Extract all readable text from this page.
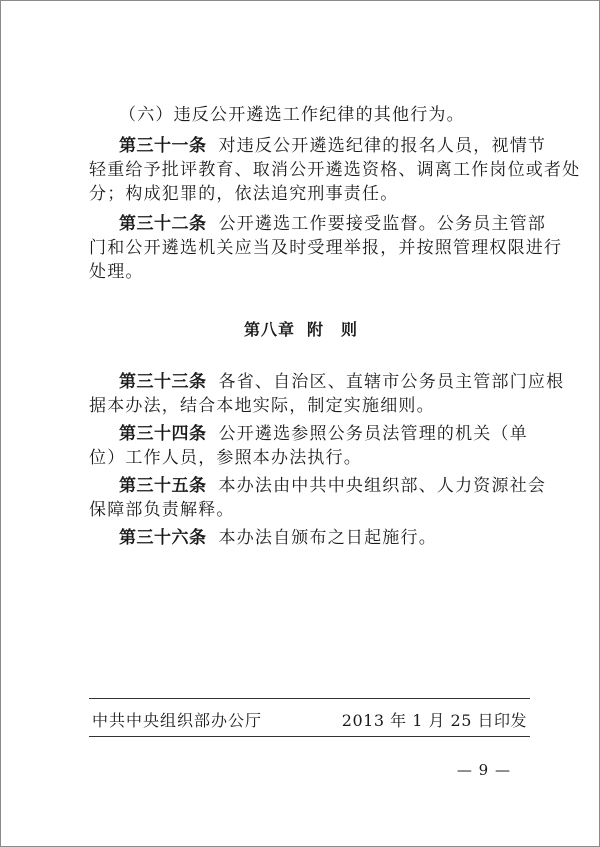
（六）违反公开遴选工作纪律的其他行为。
第三十一条 对违反公开遴选纪律的报名人员，视情节
轻重给予批评教育、取消公开遴选资格、调离工作岗位或者处
分；构成犯罪的，依法追究刑事责任。
第三十二条 公开遴选工作要接受监督。公务员主管部
门和公开遴选机关应当及时受理举报，并按照管理权限进行
处理。
第八章 附　则
第三十三条 各省、自治区、直辖市公务员主管部门应根
据本办法，结合本地实际，制定实施细则。
第三十四条 公开遴选参照公务员法管理的机关（单
位）工作人员，参照本办法执行。
第三十五条 本办法由中共中央组织部、人力资源社会
保障部负责解释。
第三十六条 本办法自颁布之日起施行。
中共中央组织部办公厅	2013 年 1 月 25 日印发
— 9 —
